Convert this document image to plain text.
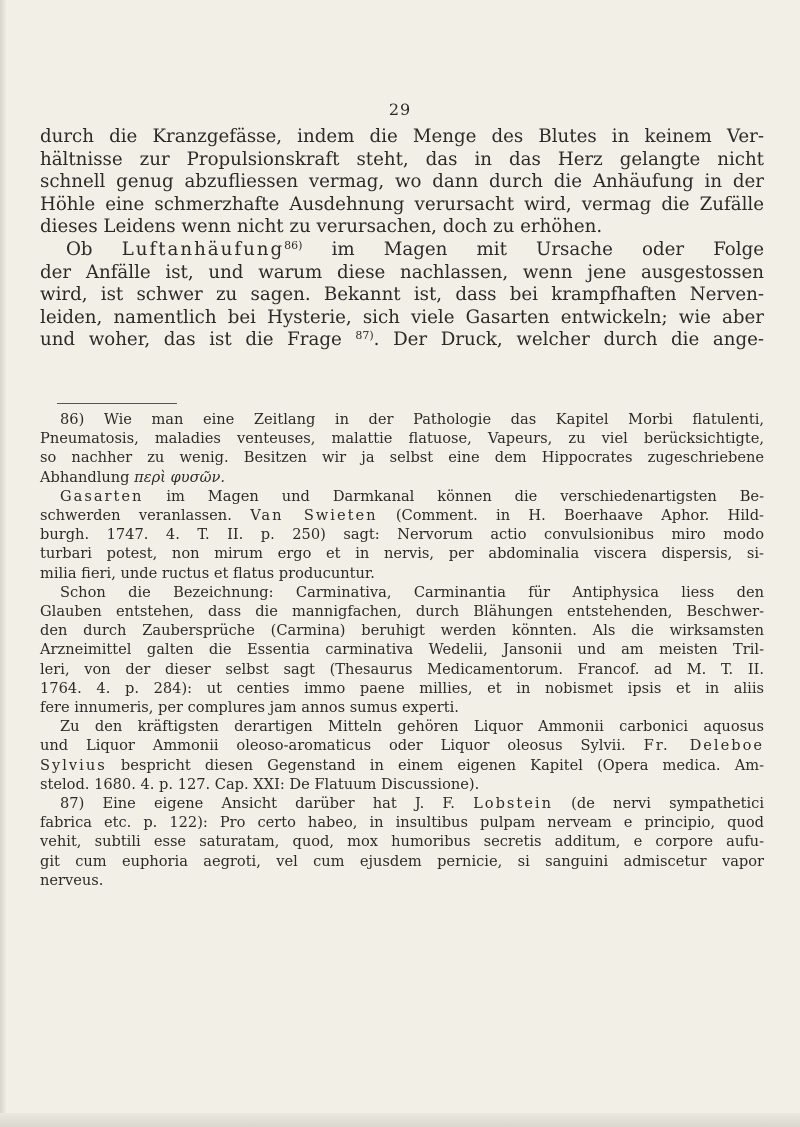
29

durch die Kranzgefässe, indem die Menge des Blutes in keinem Ver-
hältnisse zur Propulsionskraft steht, das in das Herz gelangte nicht
schnell genug abzufliessen vermag, wo dann durch die Anhäufung in der
Höhle eine schmerzhafte Ausdehnung verursacht wird, vermag die Zufälle
dieses Leidens wenn nicht zu verursachen, doch zu erhöhen.

Ob Luftanhäufung$^{86)}$ im Magen mit Ursache oder Folge
der Anfälle ist, und warum diese nachlassen, wenn jene ausgestossen
wird, ist schwer zu sagen. Bekannt ist, dass bei krampfhaften Nerven-
leiden, namentlich bei Hysterie, sich viele Gasarten entwickeln; wie aber
und woher, das ist die Frage $^{87)}$. Der Druck, welcher durch die ange-

86) Wie man eine Zeitlang in der Pathologie das Kapitel Morbi flatulenti,
Pneumatosis, maladies venteuses, malattie flatuose, Vapeurs, zu viel berücksichtigte,
so nachher zu wenig. Besitzen wir ja selbst eine dem Hippocrates zugeschriebene
Abhandlung περὶ φυσῶν.
Gasarten im Magen und Darmkanal können die verschiedenartigsten Be-
schwerden veranlassen. Van Swieten (Comment. in H. Boerhaave Aphor. Hild-
burgh. 1747. 4. T. II. p. 250) sagt: Nervorum actio convulsionibus miro modo
turbari potest, non mirum ergo et in nervis, per abdominalia viscera dispersis, si-
milia fieri, unde ructus et flatus producuntur.
Schon die Bezeichnung: Carminativa, Carminantia für Antiphysica liess den
Glauben entstehen, dass die mannigfachen, durch Blähungen entstehenden, Beschwer-
den durch Zaubersprüche (Carmina) beruhigt werden könnten. Als die wirksamsten
Arzneimittel galten die Essentia carminativa Wedelii, Jansonii und am meisten Tril-
leri, von der dieser selbst sagt (Thesaurus Medicamentorum. Francof. ad M. T. II.
1764. 4. p. 284): ut centies immo paene millies, et in nobismet ipsis et in aliis
fere innumeris, per complures jam annos sumus experti.
Zu den kräftigsten derartigen Mitteln gehören Liquor Ammonii carbonici aquosus
und Liquor Ammonii oleoso-aromaticus oder Liquor oleosus Sylvii. Fr. Deleboe
Sylvius bespricht diesen Gegenstand in einem eigenen Kapitel (Opera medica. Am-
stelod. 1680. 4. p. 127. Cap. XXI: De Flatuum Discussione).

87) Eine eigene Ansicht darüber hat J. F. Lobstein (de nervi sympathetici
fabrica etc. p. 122): Pro certo habeo, in insultibus pulpam nerveam e principio, quod
vehit, subtili esse saturatam, quod, mox humoribus secretis additum, e corpore aufu-
git cum euphoria aegroti, vel cum ejusdem pernicie, si sanguini admiscetur vapor
nerveus.
